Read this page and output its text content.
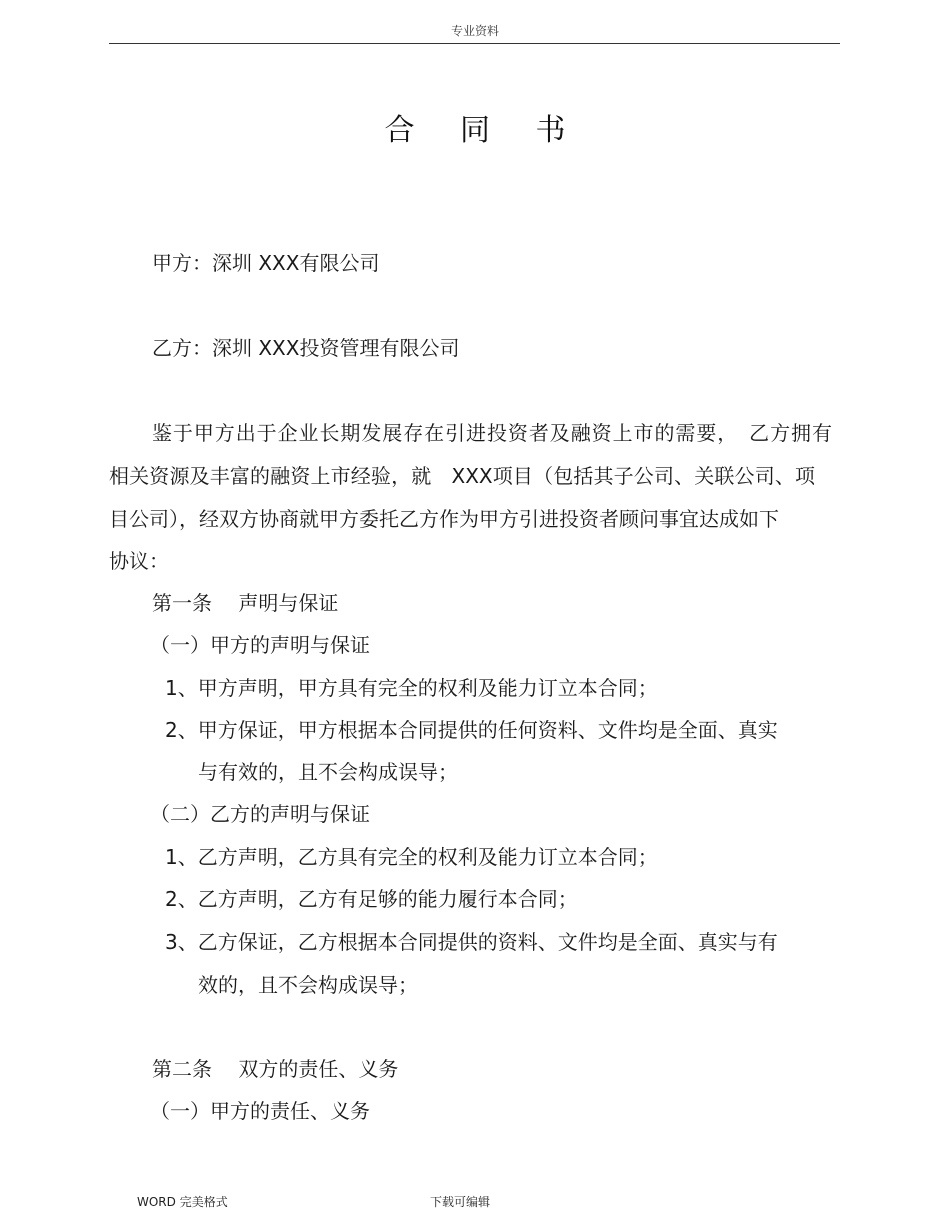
专业资料
合 同 书
甲方：深圳 XXX有限公司
乙方：深圳 XXX投资管理有限公司
鉴于甲方出于企业长期发展存在引进投资者及融资上市的需要，　乙方拥有
相关资源及丰富的融资上市经验，就　XXX项目（包括其子公司、关联公司、项
目公司），经双方协商就甲方委托乙方作为甲方引进投资者顾问事宜达成如下
协议：
第一条　 声明与保证
（一）甲方的声明与保证
1、甲方声明，甲方具有完全的权利及能力订立本合同；
2、甲方保证，甲方根据本合同提供的任何资料、文件均是全面、真实
与有效的，且不会构成误导；
（二）乙方的声明与保证
1、乙方声明，乙方具有完全的权利及能力订立本合同；
2、乙方声明，乙方有足够的能力履行本合同；
3、乙方保证，乙方根据本合同提供的资料、文件均是全面、真实与有
效的，且不会构成误导；
第二条　 双方的责任、义务
（一）甲方的责任、义务
WORD 完美格式	下载可编辑
